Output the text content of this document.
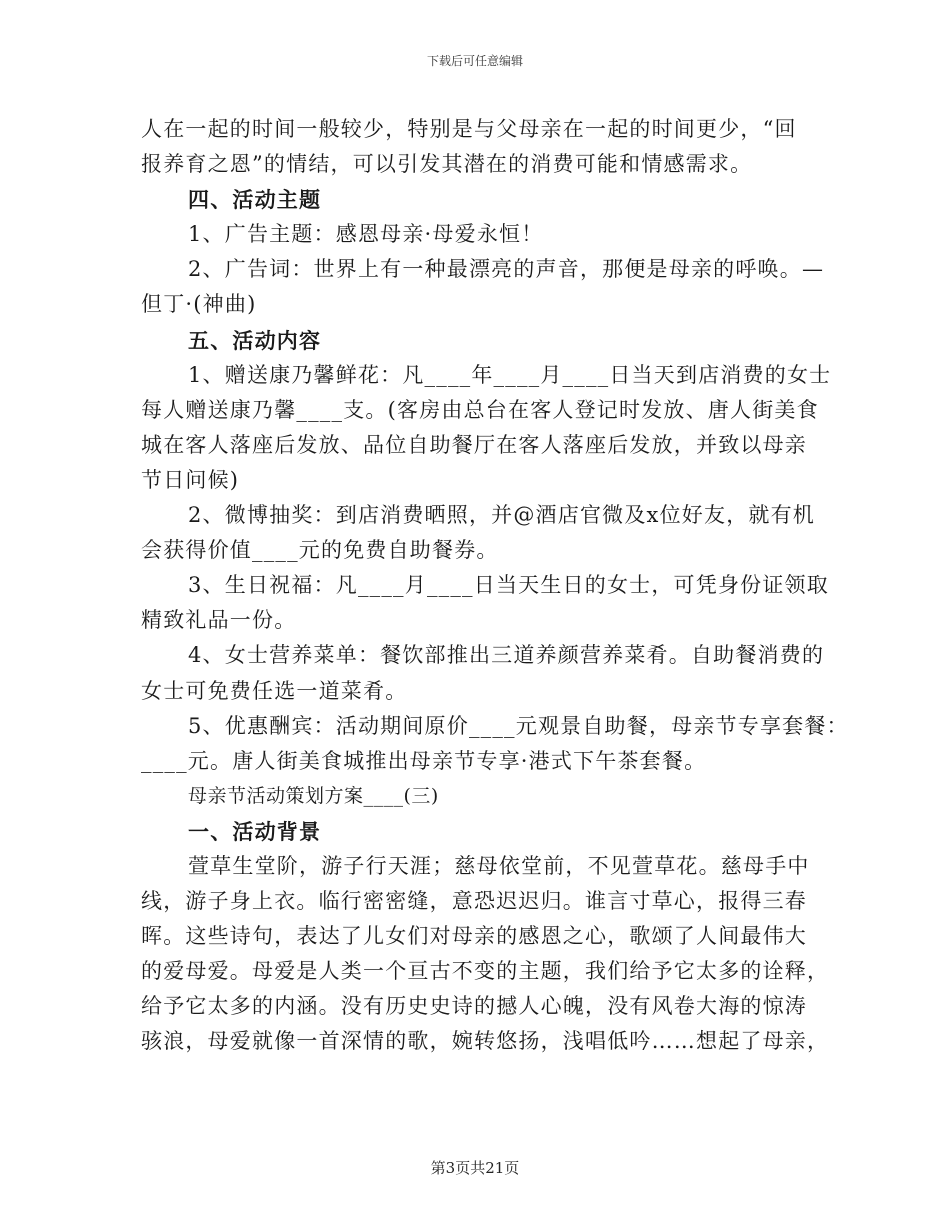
下载后可任意编辑
人在一起的时间一般较少，特别是与父母亲在一起的时间更少，“回
报养育之恩”的情结，可以引发其潜在的消费可能和情感需求。
四、活动主题
1、广告主题：感恩母亲·母爱永恒！
2、广告词：世界上有一种最漂亮的声音，那便是母亲的呼唤。—
但丁·(神曲)
五、活动内容
1、赠送康乃馨鲜花：凡____年____月____日当天到店消费的女士
每人赠送康乃馨____支。(客房由总台在客人登记时发放、唐人街美食
城在客人落座后发放、品位自助餐厅在客人落座后发放，并致以母亲
节日问候)
2、微博抽奖：到店消费晒照，并@酒店官微及x位好友，就有机
会获得价值____元的免费自助餐券。
3、生日祝福：凡____月____日当天生日的女士，可凭身份证领取
精致礼品一份。
4、女士营养菜单：餐饮部推出三道养颜营养菜肴。自助餐消费的
女士可免费任选一道菜肴。
5、优惠酬宾：活动期间原价____元观景自助餐，母亲节专享套餐：
____元。唐人街美食城推出母亲节专享·港式下午茶套餐。
母亲节活动策划方案____(三)
一、活动背景
萱草生堂阶，游子行天涯；慈母依堂前，不见萱草花。慈母手中
线，游子身上衣。临行密密缝，意恐迟迟归。谁言寸草心，报得三春
晖。这些诗句，表达了儿女们对母亲的感恩之心，歌颂了人间最伟大
的爱母爱。母爱是人类一个亘古不变的主题，我们给予它太多的诠释，
给予它太多的内涵。没有历史史诗的撼人心魄，没有风卷大海的惊涛
骇浪，母爱就像一首深情的歌，婉转悠扬，浅唱低吟……想起了母亲，
第3页共21页
